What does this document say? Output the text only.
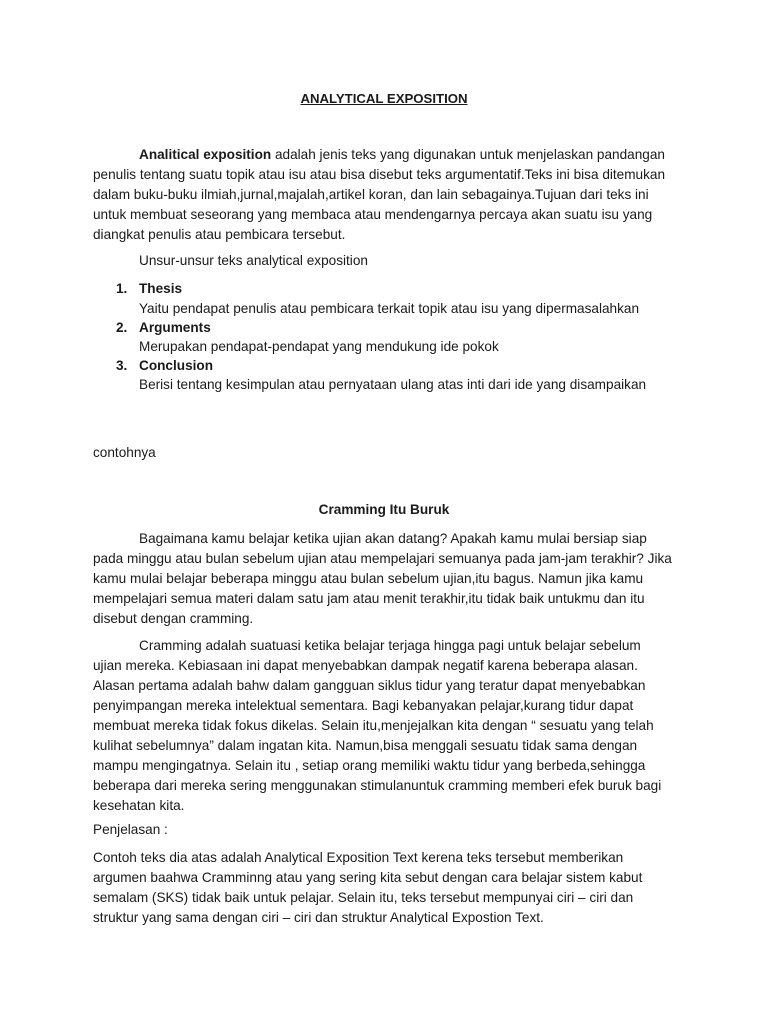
ANALYTICAL EXPOSITION
Analitical exposition adalah jenis teks yang digunakan untuk menjelaskan pandangan penulis tentang suatu topik atau isu atau bisa disebut teks argumentatif.Teks ini bisa ditemukan dalam buku-buku ilmiah,jurnal,majalah,artikel koran, dan lain sebagainya.Tujuan dari teks ini untuk membuat seseorang yang membaca atau mendengarnya percaya akan suatu isu yang diangkat penulis atau pembicara tersebut.
Unsur-unsur teks analytical exposition
1. Thesis
Yaitu pendapat penulis atau pembicara terkait topik atau isu yang dipermasalahkan
2. Arguments
Merupakan pendapat-pendapat yang mendukung ide pokok
3. Conclusion
Berisi tentang kesimpulan atau pernyataan ulang atas inti dari ide yang disampaikan
contohnya
Cramming Itu Buruk
Bagaimana kamu belajar ketika ujian akan datang? Apakah kamu mulai bersiap siap pada minggu atau bulan sebelum ujian atau mempelajari semuanya pada jam-jam terakhir? Jika kamu mulai belajar beberapa minggu atau bulan sebelum ujian,itu bagus. Namun jika kamu mempelajari semua materi dalam satu jam atau menit terakhir,itu tidak baik untukmu dan itu disebut dengan cramming.
Cramming adalah suatuasi ketika belajar terjaga hingga pagi untuk belajar sebelum ujian mereka. Kebiasaan ini dapat menyebabkan dampak negatif karena beberapa alasan. Alasan pertama adalah bahw dalam gangguan siklus tidur yang teratur dapat menyebabkan penyimpangan mereka intelektual sementara. Bagi kebanyakan pelajar,kurang tidur dapat membuat mereka tidak fokus dikelas. Selain itu,menjejalkan kita dengan “ sesuatu yang telah kulihat sebelumnya” dalam ingatan kita. Namun,bisa menggali sesuatu tidak sama dengan mampu mengingatnya. Selain itu , setiap orang memiliki waktu tidur yang berbeda,sehingga beberapa dari mereka sering menggunakan stimulanuntuk cramming memberi efek buruk bagi kesehatan kita.
Penjelasan :
Contoh teks dia atas adalah Analytical Exposition Text kerena teks tersebut memberikan argumen baahwa Cramminng atau yang sering kita sebut dengan cara belajar sistem kabut semalam (SKS) tidak baik untuk pelajar. Selain itu, teks tersebut mempunyai ciri – ciri dan struktur yang sama dengan ciri – ciri dan struktur Analytical Expostion Text.
